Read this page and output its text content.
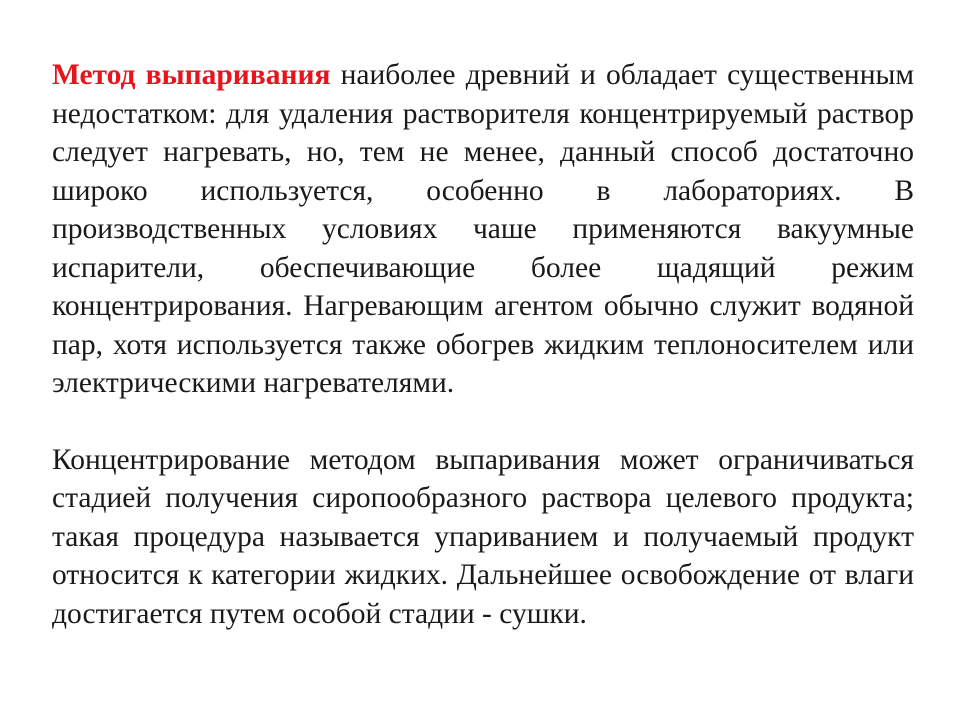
Метод выпаривания наиболее древний и обладает существенным недостатком: для удаления растворителя концентрируемый раствор следует нагревать, но, тем не менее, данный способ достаточно широко используется, особенно в лабораториях. В производственных условиях чаше применяются вакуумные испарители, обеспечивающие более щадящий режим концентрирования. Нагревающим агентом обычно служит водяной пар, хотя используется также обогрев жидким теплоносителем или электрическими нагревателями.

Концентрирование методом выпаривания может ограничиваться стадией получения сиропообразного раствора целевого продукта; такая процедура называется упариванием и получаемый продукт относится к категории жидких. Дальнейшее освобождение от влаги достигается путем особой стадии - сушки.
